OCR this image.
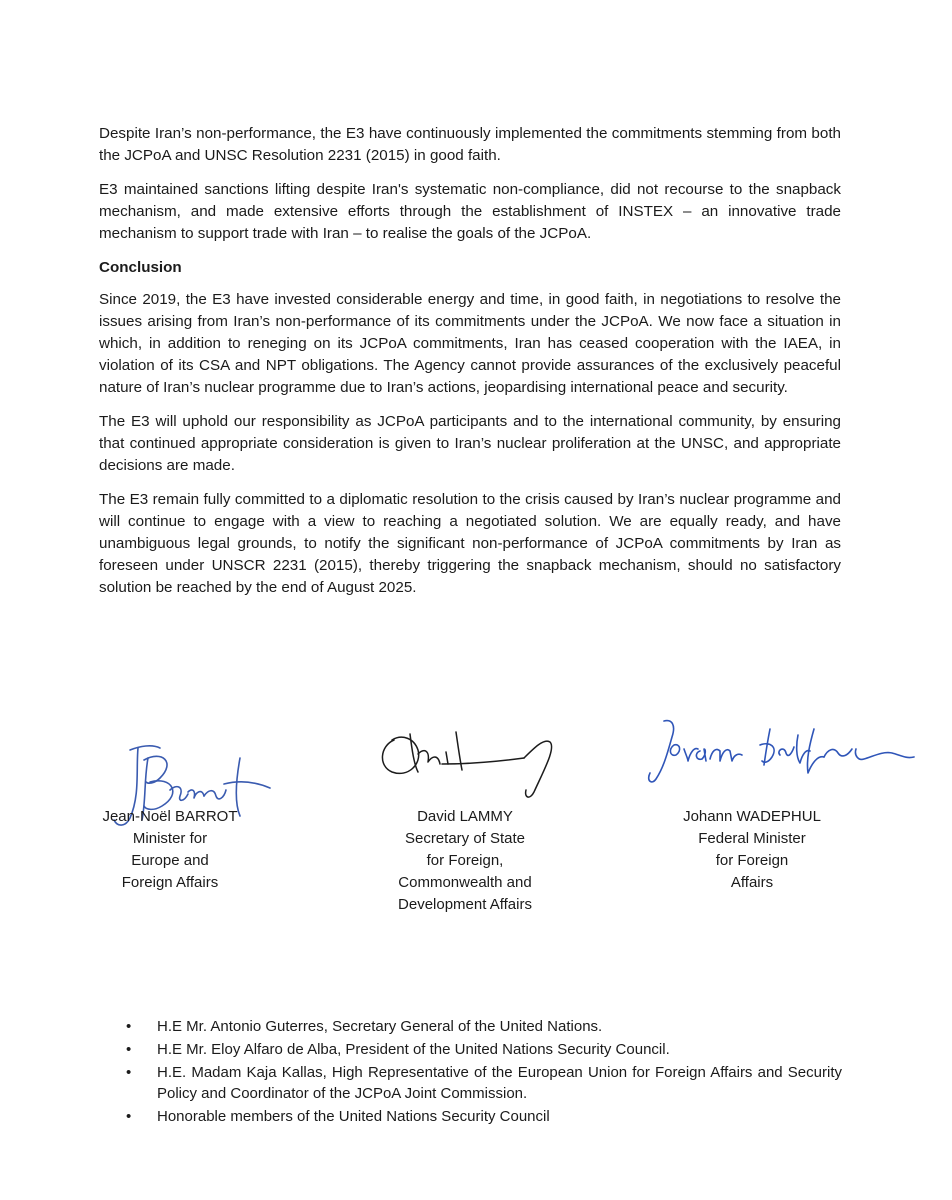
Despite Iran’s non-performance, the E3 have continuously implemented the commitments stemming from both the JCPoA and UNSC Resolution 2231 (2015) in good faith.

E3 maintained sanctions lifting despite Iran's systematic non-compliance, did not recourse to the snapback mechanism, and made extensive efforts through the establishment of INSTEX – an innovative trade mechanism to support trade with Iran – to realise the goals of the JCPoA.

Conclusion

Since 2019, the E3 have invested considerable energy and time, in good faith, in negotiations to resolve the issues arising from Iran’s non-performance of its commitments under the JCPoA. We now face a situation in which, in addition to reneging on its JCPoA commitments, Iran has ceased cooperation with the IAEA, in violation of its CSA and NPT obligations. The Agency cannot provide assurances of the exclusively peaceful nature of Iran’s nuclear programme due to Iran’s actions, jeopardising international peace and security.

The E3 will uphold our responsibility as JCPoA participants and to the international community, by ensuring that continued appropriate consideration is given to Iran’s nuclear proliferation at the UNSC, and appropriate decisions are made.

The E3 remain fully committed to a diplomatic resolution to the crisis caused by Iran’s nuclear programme and will continue to engage with a view to reaching a negotiated solution. We are equally ready, and have unambiguous legal grounds, to notify the significant non-performance of JCPoA commitments by Iran as foreseen under UNSCR 2231 (2015), thereby triggering the snapback mechanism, should no satisfactory solution be reached by the end of August 2025.

Jean-Noël BARROT
Minister for
Europe and
Foreign Affairs
David LAMMY
Secretary of State
for Foreign,
Commonwealth and
Development Affairs
Johann WADEPHUL
Federal Minister
for Foreign
Affairs
• H.E Mr. Antonio Guterres, Secretary General of the United Nations.
• H.E Mr. Eloy Alfaro de Alba, President of the United Nations Security Council.
• H.E. Madam Kaja Kallas, High Representative of the European Union for Foreign Affairs and Security Policy and Coordinator of the JCPoA Joint Commission.
• Honorable members of the United Nations Security Council
